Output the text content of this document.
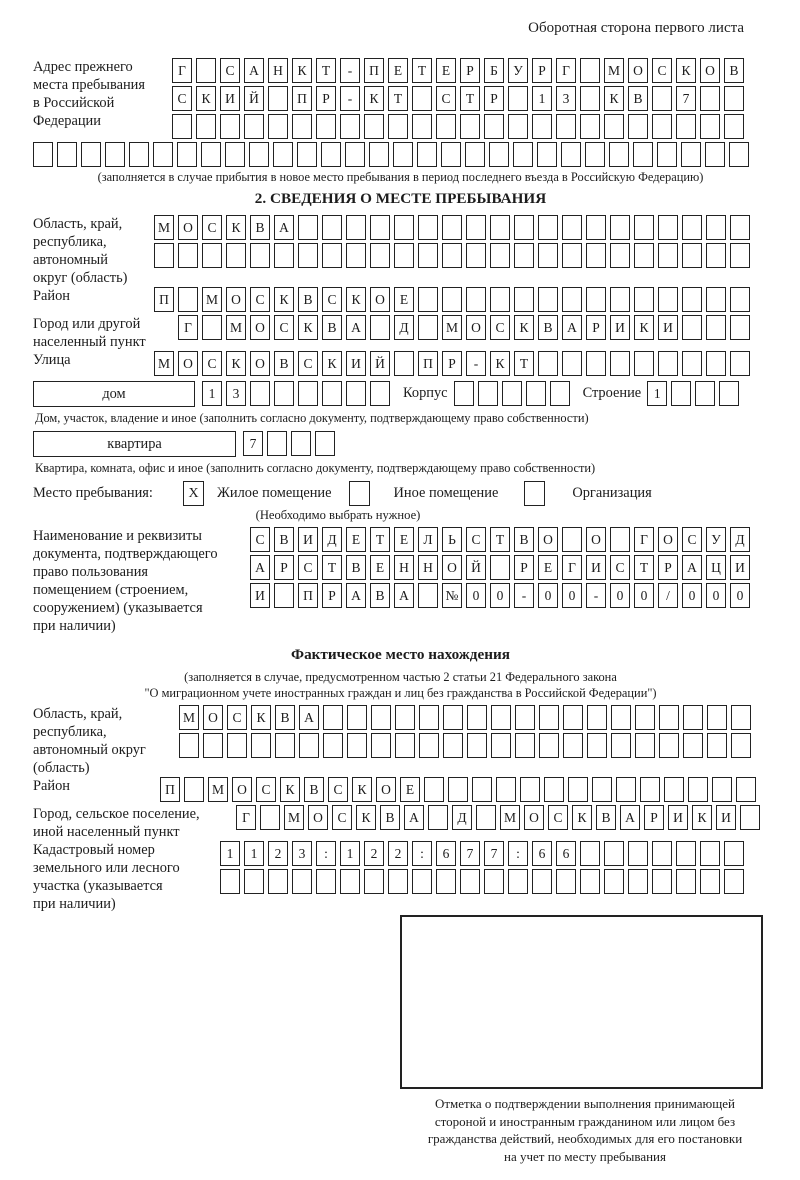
Оборотная сторона первого листа
Адрес прежнего
места пребывания
в Российской
Федерации
Г	С	А	Н	К	Т	-	П	Е	Т	Е	Р	Б	У	Р	Г	М О	С	К	О	В
С	К	И	Й	П	Р	-	К	Т	С	Т	Р	1	3	К	В	7
(заполняется в случае прибытия в новое место пребывания в период последнего въезда в Российскую Федерацию)
2. СВЕДЕНИЯ О МЕСТЕ ПРЕБЫВАНИЯ
Область, край,
республика,
автономный
округ (область)
М О	С	К	В	А
Район	П	М О	С	К	В	С	К	О	Е
Город или другой
населенный пункт
Г	М О	С	К	В	А	Д	М О	С	К	В	А	Р	И	К	И
Улица	М О	С	К	О	В	С	К	И	Й	П	Р	-	К	Т
дом	1	3	Корпус	Строение 1
Дом, участок, владение и иное (заполнить согласно документу, подтверждающему право собственности)
квартира	7
Квартира, комната, офис и иное (заполнить согласно документу, подтверждающему право собственности)
Место пребывания:	X	Жилое помещение	Иное помещение	Организация
(Необходимо выбрать нужное)
Наименование и реквизиты
документа, подтверждающего
право пользования
помещением (строением,
сооружением) (указывается
при наличии)
С	В	И	Д	Е	Т	Е	Л	Ь	С	Т	В	О	О	Г	О	С	У	Д
А	Р	С	Т	В	Е	Н	Н	О	Й	Р	Е	Г	И	С	Т	Р	А	Ц	И
И	П	Р	А	В	А	№	0	0	-	0	0	-	0	0	/	0	0	0
Фактическое место нахождения
(заполняется в случае, предусмотренном частью 2 статьи 21 Федерального закона
"О миграционном учете иностранных граждан и лиц без гражданства в Российской Федерации")
Область, край,
республика,
автономный округ
(область)
М О	С	К	В	А
Район	П	М О	С	К	В	С	К	О	Е
Город, сельское поселение,
иной населенный пункт
Г	М О	С	К	В	А	Д	М О	С	К	В	А	Р	И	К	И
Кадастровый номер
земельного или лесного
участка (указывается
при наличии)
1	1	2	3	:	1	2	2	:	6	7	7	:	6	6
Отметка о подтверждении выполнения принимающей
стороной и иностранным гражданином или лицом без
гражданства действий, необходимых для его постановки
на учет по месту пребывания
